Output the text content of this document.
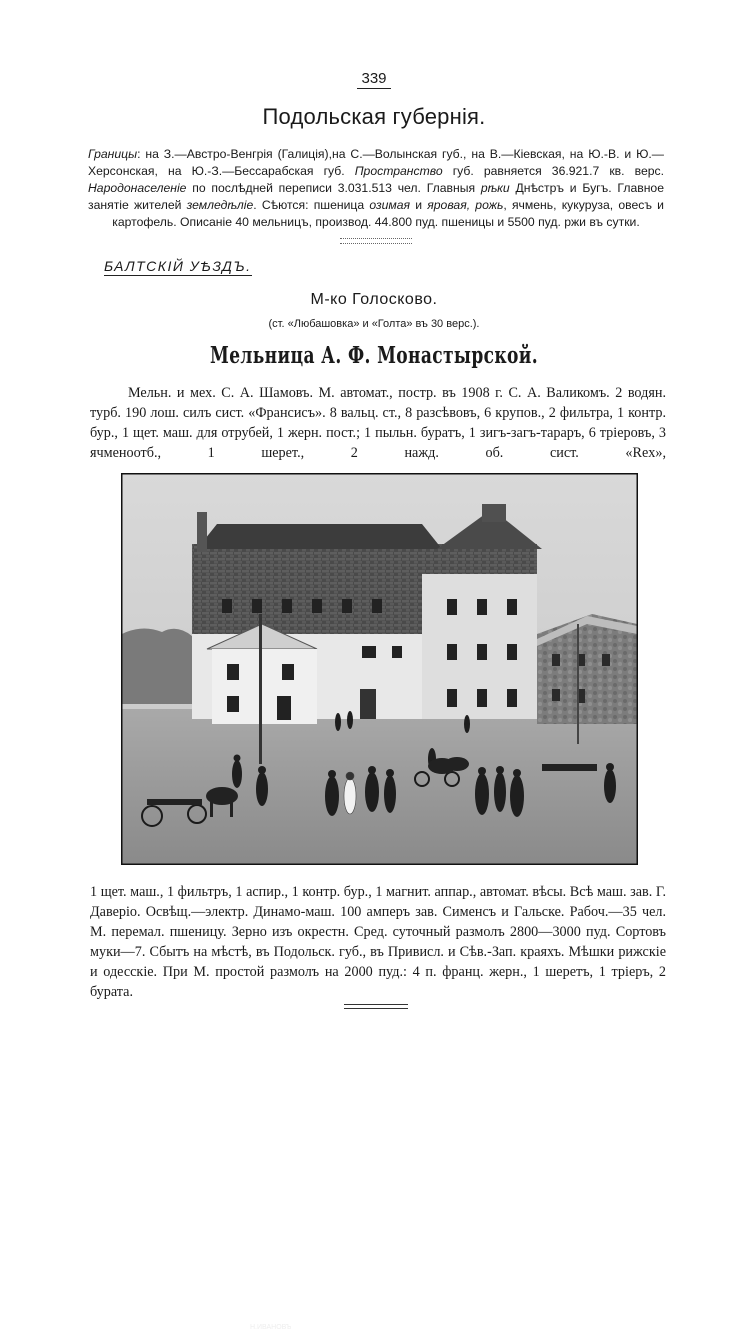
339
Подольская губернія.
Границы: на З.—Австро-Венгрія (Галиція),на С.—Волынская губ., на В.—Кіевская, на Ю.-В. и Ю.—Херсонская, на Ю.-З.—Бессарабская губ. Пространство губ. равняется 36.921.7 кв. верс. Народонаселеніе по послѣдней переписи 3.031.513 чел. Главныя рѣки Днѣстръ и Бугъ. Главное занятіе жителей земледѣліе. Сѣются: пшеница озимая и яровая, рожь, ячмень, кукуруза, овесъ и картофель. Описаніе 40 мельницъ, производ. 44.800 пуд. пшеницы и 5500 пуд. ржи въ сутки.
БАЛТСКІЙ УѢЗДЪ.
М-ко Голосково.
(ст. «Любашовка» и «Голта» въ 30 верс.).
Мельница А. Ф. Монастырской.
Мельн. и мех. С. А. Шамовъ. М. автомат., постр. въ 1908 г. С. А. Валикомъ. 2 водян. турб. 190 лош. силъ сист. «Франсисъ». 8 вальц. ст., 8 разсѣвовъ, 6 крупов., 2 фильтра, 1 контр. бур., 1 щет. маш. для отрубей, 1 жерн. пост.; 1 пыльн. буратъ, 1 зигъ-загъ-тараръ, 6 тріеровъ, 3 ячменоотб., 1 шерет., 2 нажд. об. сист. «Rex»,
Н.ИВАНОВЪ
1 щет. маш., 1 фильтръ, 1 аспир., 1 контр. бур., 1 магнит. аппар., автомат. вѣсы. Всѣ маш. зав. Г. Даверіо. Освѣщ.—электр. Динамо-маш. 100 амперъ зав. Сименсъ и Гальске. Рабоч.—35 чел. М. перемал. пшеницу. Зерно изъ окрестн. Сред. суточный размолъ 2800—3000 пуд. Сортовъ муки—7. Сбытъ на мѣстѣ, въ Подольск. губ., въ Привисл. и Сѣв.-Зап. краяхъ. Мѣшки рижскіе и одесскіе. При М. простой размолъ на 2000 пуд.: 4 п. франц. жерн., 1 шеретъ, 1 тріеръ, 2 бурата.
